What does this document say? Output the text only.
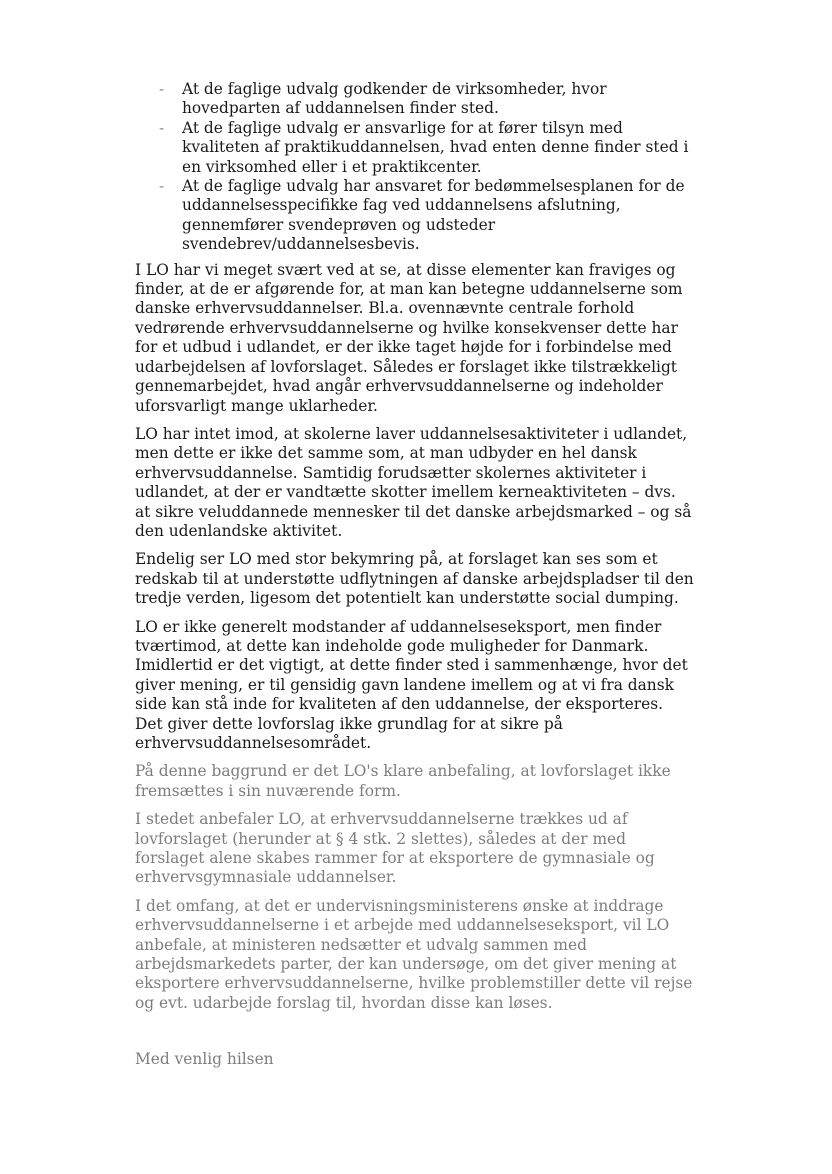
- At de faglige udvalg godkender de virksomheder, hvor hovedparten af uddannelsen finder sted.
- At de faglige udvalg er ansvarlige for at fører tilsyn med kvaliteten af praktikuddannelsen, hvad enten denne finder sted i en virksomhed eller i et praktikcenter.
- At de faglige udvalg har ansvaret for bedømmelsesplanen for de uddannelsesspecifikke fag ved uddannelsens afslutning, gennemfører svendeprøven og udsteder svendebrev/uddannelsesbevis.

I LO har vi meget svært ved at se, at disse elementer kan fraviges og finder, at de er afgørende for, at man kan betegne uddannelserne som danske erhvervsuddannelser. Bl.a. ovennævnte centrale forhold vedrørende erhvervsuddannelserne og hvilke konsekvenser dette har for et udbud i udlandet, er der ikke taget højde for i forbindelse med udarbejdelsen af lovforslaget. Således er forslaget ikke tilstrækkeligt gennemarbejdet, hvad angår erhvervsuddannelserne og indeholder uforsvarligt mange uklarheder.

LO har intet imod, at skolerne laver uddannelsesaktiviteter i udlandet, men dette er ikke det samme som, at man udbyder en hel dansk erhvervsuddannelse. Samtidig forudsætter skolernes aktiviteter i udlandet, at der er vandtætte skotter imellem kerneaktiviteten – dvs. at sikre veluddannede mennesker til det danske arbejdsmarked – og så den udenlandske aktivitet.

Endelig ser LO med stor bekymring på, at forslaget kan ses som et redskab til at understøtte udflytningen af danske arbejdspladser til den tredje verden, ligesom det potentielt kan understøtte social dumping.

LO er ikke generelt modstander af uddannelseseksport, men finder tværtimod, at dette kan indeholde gode muligheder for Danmark. Imidlertid er det vigtigt, at dette finder sted i sammenhænge, hvor det giver mening, er til gensidig gavn landene imellem og at vi fra dansk side kan stå inde for kvaliteten af den uddannelse, der eksporteres. Det giver dette lovforslag ikke grundlag for at sikre på erhvervsuddannelsesområdet.

På denne baggrund er det LO's klare anbefaling, at lovforslaget ikke fremsættes i sin nuværende form.

I stedet anbefaler LO, at erhvervsuddannelserne trækkes ud af lovforslaget (herunder at § 4 stk. 2 slettes), således at der med forslaget alene skabes rammer for at eksportere de gymnasiale og erhvervsgymnasiale uddannelser.

I det omfang, at det er undervisningsministerens ønske at inddrage erhvervsuddannelserne i et arbejde med uddannelseseksport, vil LO anbefale, at ministeren nedsætter et udvalg sammen med arbejdsmarkedets parter, der kan undersøge, om det giver mening at eksportere erhvervsuddannelserne, hvilke problemstiller dette vil rejse og evt. udarbejde forslag til, hvordan disse kan løses.

Med venlig hilsen
